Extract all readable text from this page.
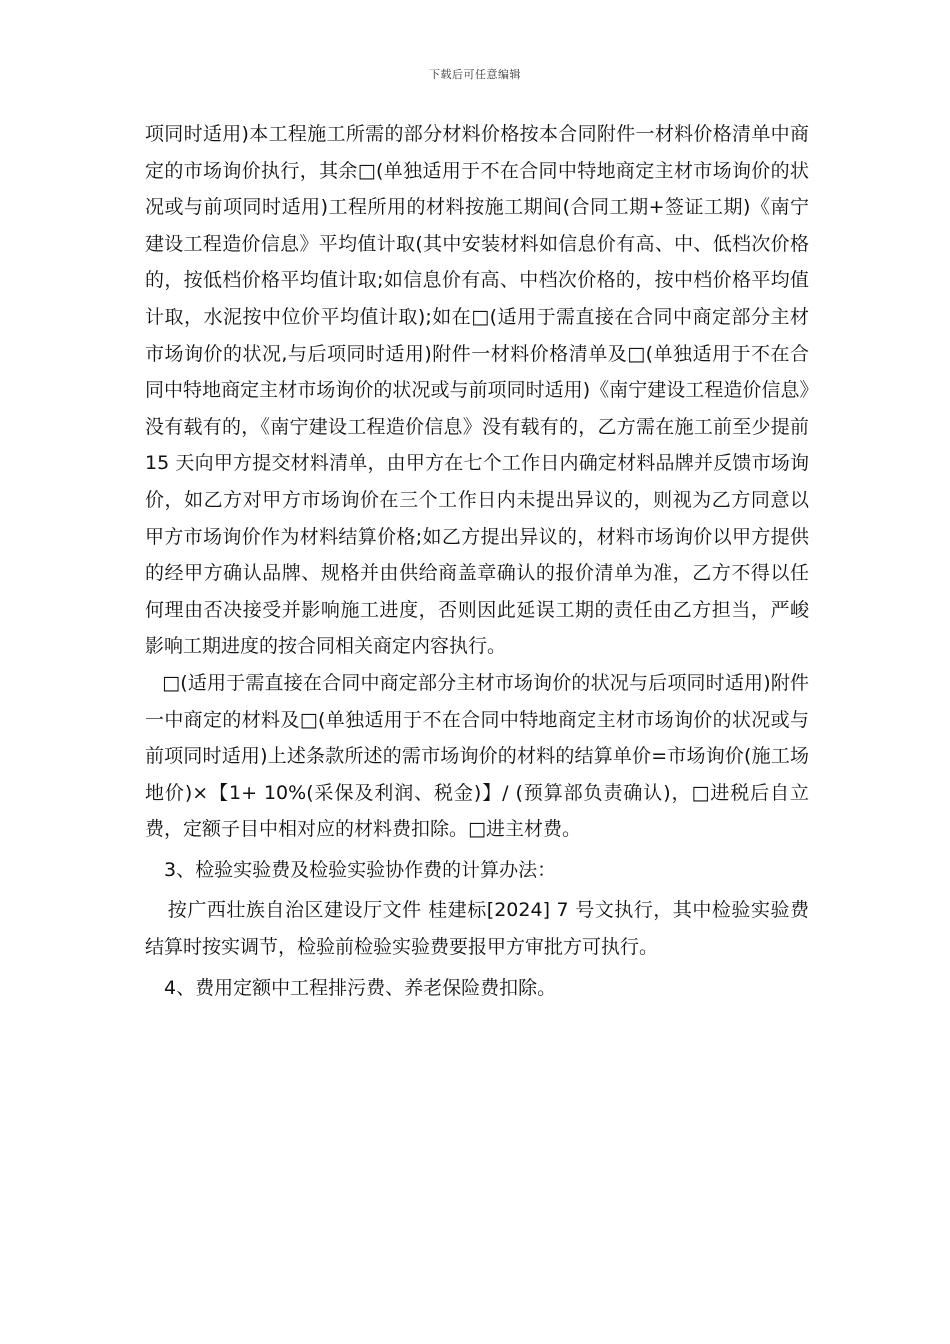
下载后可任意编辑

项同时适用)本工程施工所需的部分材料价格按本合同附件一材料价格清单中商定的市场询价执行，其余□(单独适用于不在合同中特地商定主材市场询价的状况或与前项同时适用)工程所用的材料按施工期间(合同工期+签证工期)《南宁建设工程造价信息》平均值计取(其中安装材料如信息价有高、中、低档次价格的，按低档价格平均值计取;如信息价有高、中档次价格的，按中档价格平均值计取，水泥按中位价平均值计取);如在□(适用于需直接在合同中商定部分主材市场询价的状况,与后项同时适用)附件一材料价格清单及□(单独适用于不在合同中特地商定主材市场询价的状况或与前项同时适用)《南宁建设工程造价信息》没有载有的，《南宁建设工程造价信息》没有载有的，乙方需在施工前至少提前 15 天向甲方提交材料清单，由甲方在七个工作日内确定材料品牌并反馈市场询价，如乙方对甲方市场询价在三个工作日内未提出异议的，则视为乙方同意以甲方市场询价作为材料结算价格;如乙方提出异议的，材料市场询价以甲方提供的经甲方确认品牌、规格并由供给商盖章确认的报价清单为准，乙方不得以任何理由否决接受并影响施工进度，否则因此延误工期的责任由乙方担当，严峻影响工期进度的按合同相关商定内容执行。

□(适用于需直接在合同中商定部分主材市场询价的状况与后项同时适用)附件一中商定的材料及□(单独适用于不在合同中特地商定主材市场询价的状况或与前项同时适用)上述条款所述的需市场询价的材料的结算单价=市场询价(施工场地价)×【1+ 10%(采保及利润、税金)】/ (预算部负责确认)，□进税后自立费，定额子目中相对应的材料费扣除。□进主材费。

3、检验实验费及检验实验协作费的计算办法：

按广西壮族自治区建设厅文件 桂建标[2024] 7 号文执行，其中检验实验费结算时按实调节，检验前检验实验费要报甲方审批方可执行。

4、费用定额中工程排污费、养老保险费扣除。
